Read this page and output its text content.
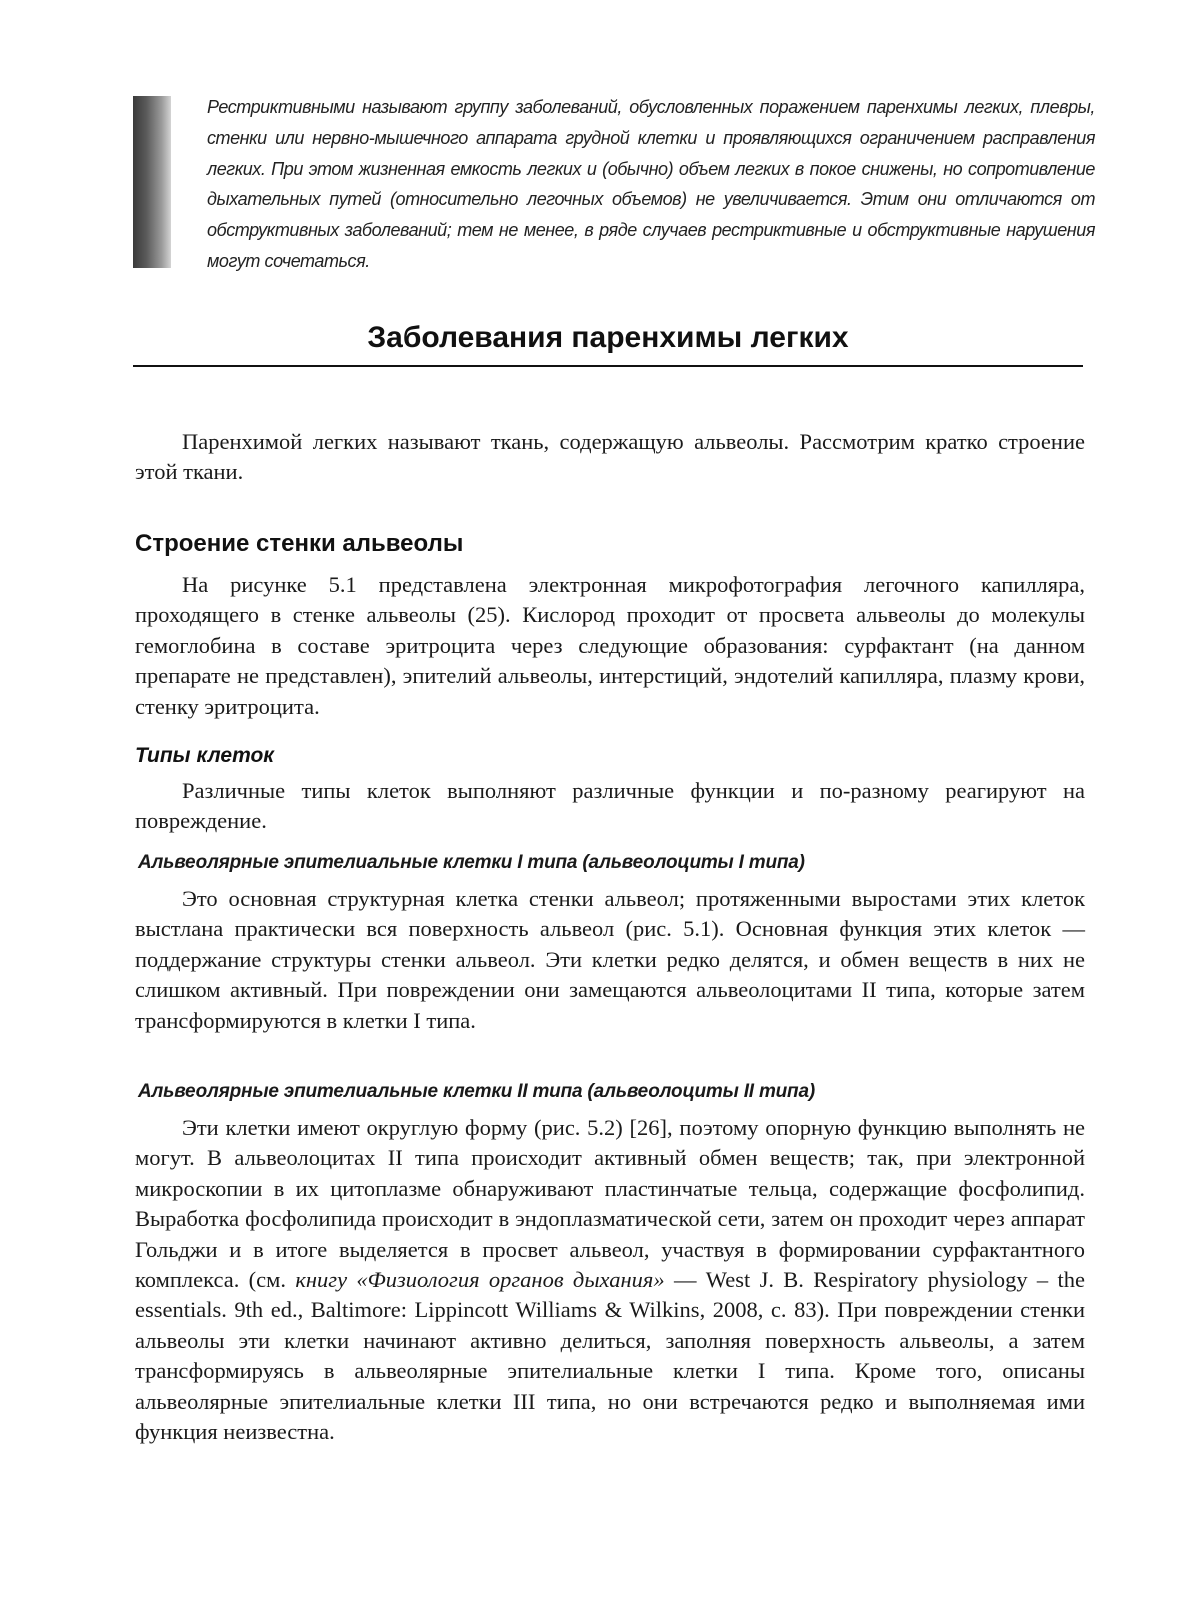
Рестриктивными называют группу заболеваний, обусловленных поражением паренхимы легких, плевры, стенки или нервно-мышечного аппарата грудной клетки и проявляющихся ограничением расправления легких. При этом жизненная емкость легких и (обычно) объем легких в покое снижены, но сопротивление дыхательных путей (относительно легочных объемов) не увеличивается. Этим они отличаются от обструктивных заболеваний; тем не менее, в ряде случаев рестриктивные и обструктивные нарушения могут сочетаться.

Заболевания паренхимы легких

Паренхимой легких называют ткань, содержащую альвеолы. Рассмотрим кратко строение этой ткани.

Строение стенки альвеолы

На рисунке 5.1 представлена электронная микрофотография легочного капилляра, проходящего в стенке альвеолы (25). Кислород проходит от просвета альвеолы до молекулы гемоглобина в составе эритроцита через следующие образования: сурфактант (на данном препарате не представлен), эпителий альвеолы, интерстиций, эндотелий капилляра, плазму крови, стенку эритроцита.

Типы клеток

Различные типы клеток выполняют различные функции и по-разному реагируют на повреждение.

Альвеолярные эпителиальные клетки I типа (альвеолоциты I типа)

Это основная структурная клетка стенки альвеол; протяженными выростами этих клеток выстлана практически вся поверхность альвеол (рис. 5.1). Основная функция этих клеток — поддержание структуры стенки альвеол. Эти клетки редко делятся, и обмен веществ в них не слишком активный. При повреждении они замещаются альвеолоцитами II типа, которые затем трансформируются в клетки I типа.

Альвеолярные эпителиальные клетки II типа (альвеолоциты II типа)

Эти клетки имеют округлую форму (рис. 5.2) [26], поэтому опорную функцию выполнять не могут. В альвеолоцитах II типа происходит активный обмен веществ; так, при электронной микроскопии в их цитоплазме обнаруживают пластинчатые тельца, содержащие фосфолипид. Выработка фосфолипида происходит в эндоплазматической сети, затем он проходит через аппарат Гольджи и в итоге выделяется в просвет альвеол, участвуя в формировании сурфактантного комплекса. (см. книгу «Физиология органов дыхания» — West J. B. Respiratory physiology – the essentials. 9th ed., Baltimore: Lippincott Williams & Wilkins, 2008, с. 83). При повреждении стенки альвеолы эти клетки начинают активно делиться, заполняя поверхность альвеолы, а затем трансформируясь в альвеолярные эпителиальные клетки I типа. Кроме того, описаны альвеолярные эпителиальные клетки III типа, но они встречаются редко и выполняемая ими функция неизвестна.
